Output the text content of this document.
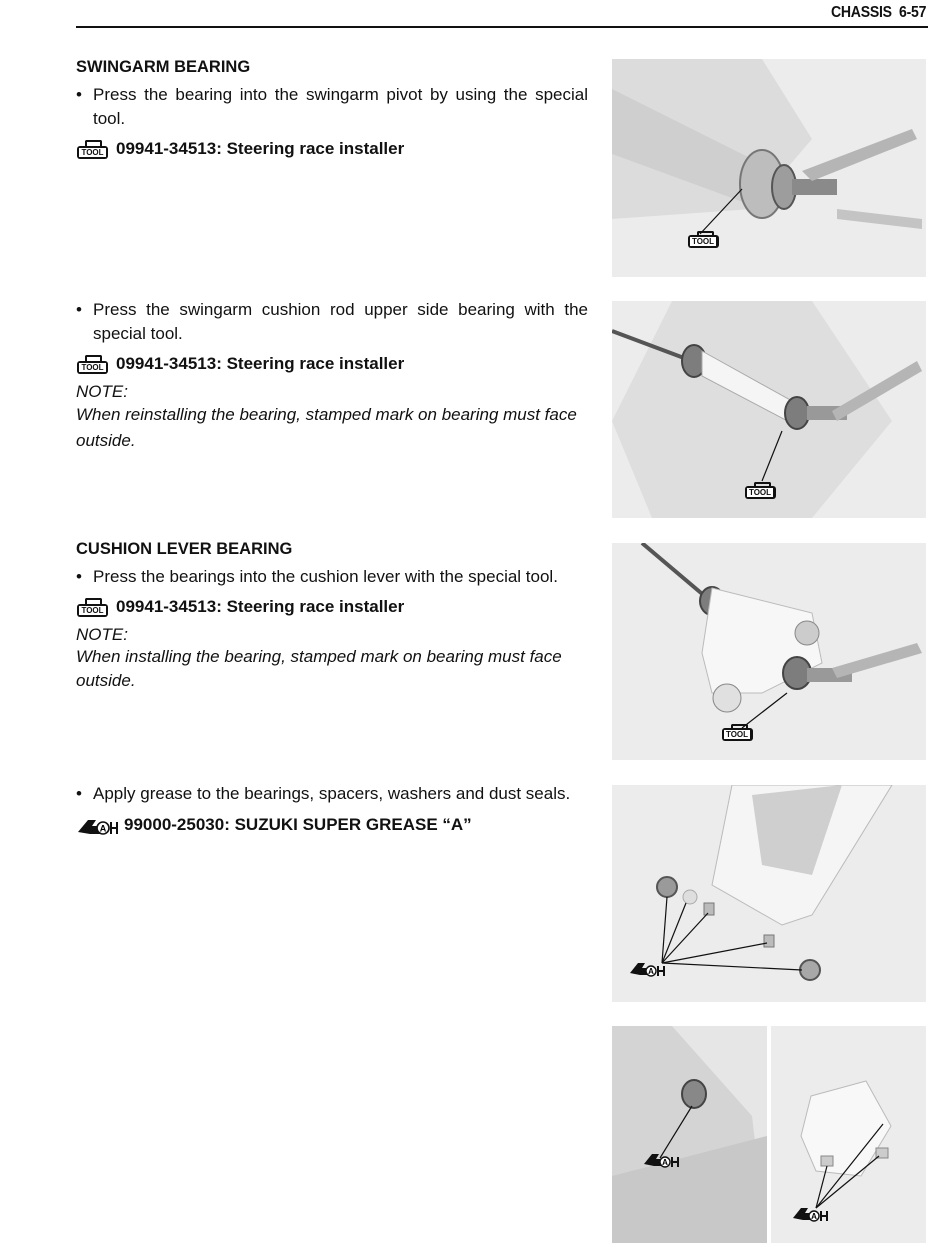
CHASSIS 6-57
SWINGARM BEARING
• Press the bearing into the swingarm pivot by using the special tool.
TOOL 09941-34513: Steering race installer
• Press the swingarm cushion rod upper side bearing with the special tool.
TOOL 09941-34513: Steering race installer
NOTE:
When reinstalling the bearing, stamped mark on bearing must face outside.
CUSHION LEVER BEARING
• Press the bearings into the cushion lever with the special tool.
TOOL 09941-34513: Steering race installer
NOTE:
When installing the bearing, stamped mark on bearing must face outside.
• Apply grease to the bearings, spacers, washers and dust seals.
A 99000-25030: SUZUKI SUPER GREASE “A”
TOOL
TOOL
TOOL
A
A
A
